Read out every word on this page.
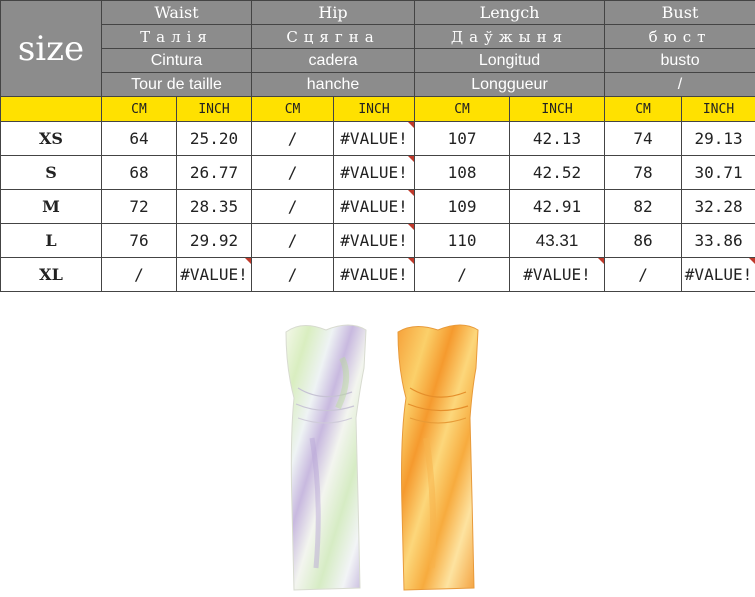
size	Waist		Hip		Lengch		Bust	
	Талія		Сцягна		Даўжыня		бюст	
	Cintura		cadera		Longitud		busto	
	Tour de taille		hanche		Longgueur		/	
	CM	INCH	CM	INCH	CM	INCH	CM	INCH
XS	64	25.20	/	#VALUE!	107	42.13	74	29.13
S	68	26.77	/	#VALUE!	108	42.52	78	30.71
M	72	28.35	/	#VALUE!	109	42.91	82	32.28
L	76	29.92	/	#VALUE!	110	43.31	86	33.86
XL	/	#VALUE!	/	#VALUE!	/	#VALUE!	/	#VALUE!
